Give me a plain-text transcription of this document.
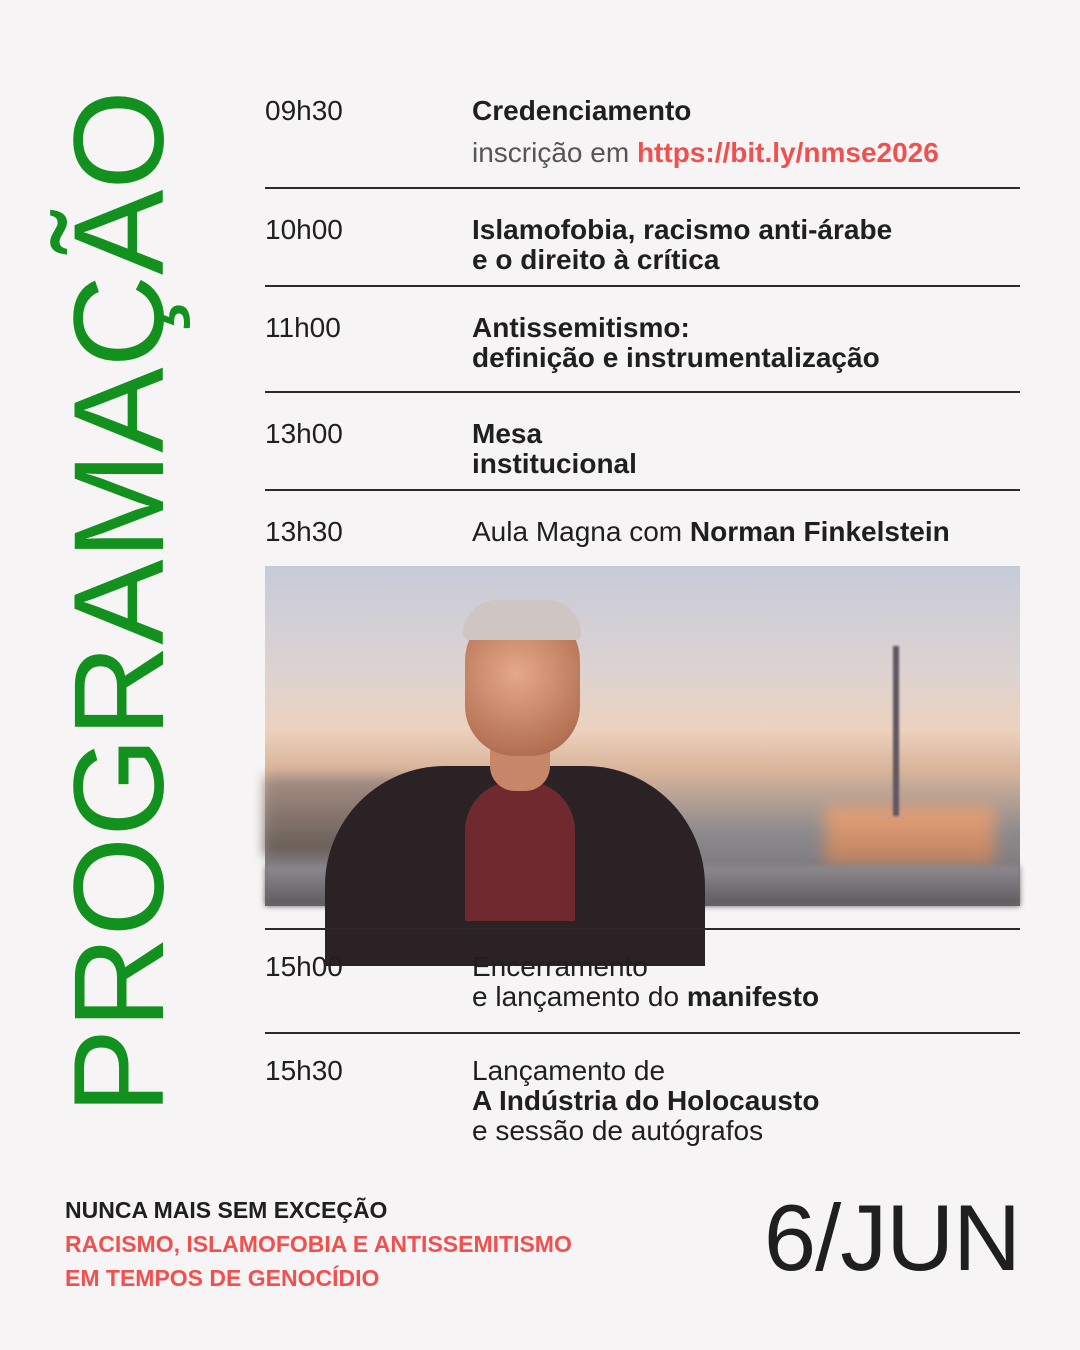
PROGRAMAÇÃO	09h30	Credenciamento
inscrição em https://bit.ly/nmse2026
10h00	Islamofobia, racismo anti-árabe
e o direito à crítica
11h00	Antissemitismo:
definição e instrumentalização
13h00	Mesa
institucional
13h30	Aula Magna com Norman Finkelstein
15h00	Encerramento
e lançamento do manifesto
15h30	Lançamento de
A Indústria do Holocausto
e sessão de autógrafos
NUNCA MAIS SEM EXCEÇÃO
RACISMO, ISLAMOFOBIA E ANTISSEMITISMO
EM TEMPOS DE GENOCÍDIO	6/JUN
